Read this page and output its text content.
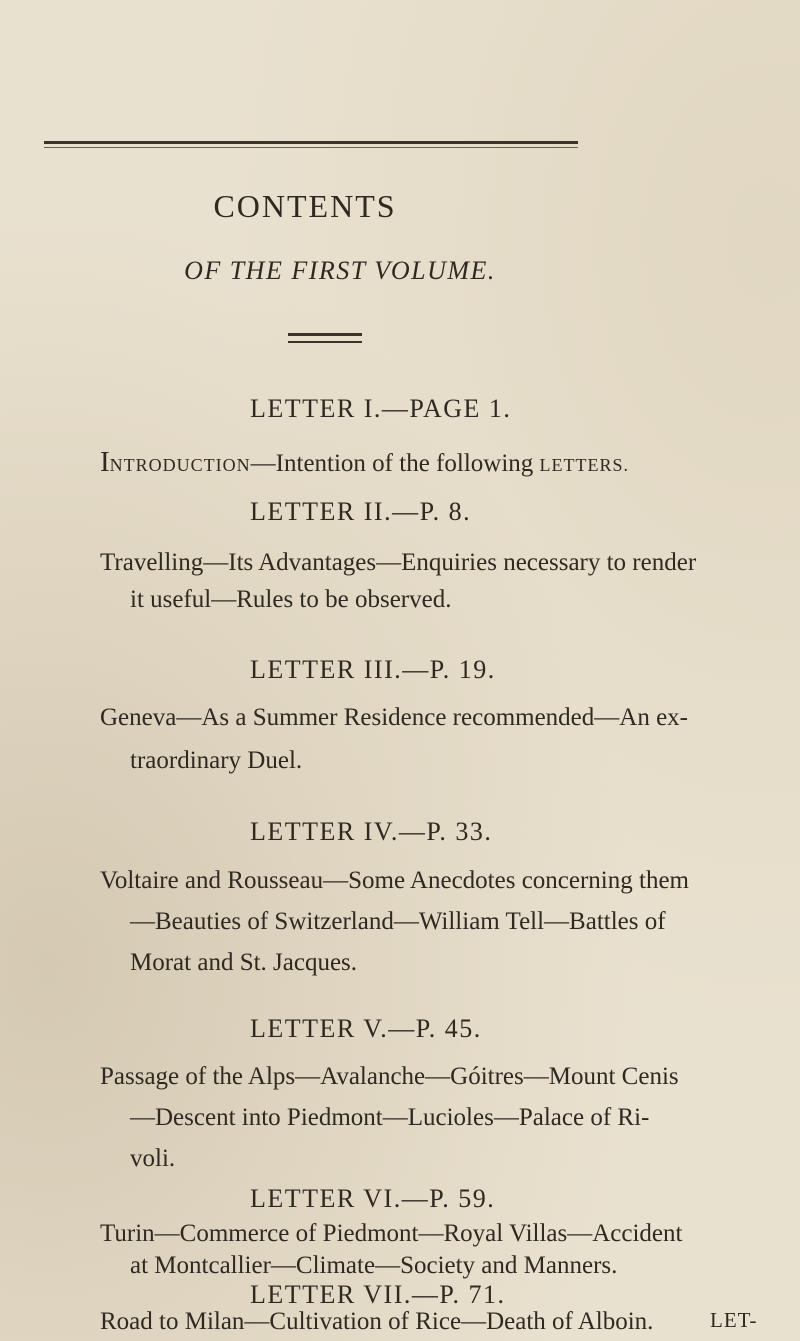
CONTENTS
OF THE FIRST VOLUME.
LETTER I.—PAGE 1.
INTRODUCTION—Intention of the following LETTERS.
LETTER II.—P. 8.
Travelling—Its Advantages—Enquiries necessary to render
it useful—Rules to be observed.
LETTER III.—P. 19.
Geneva—As a Summer Residence recommended—An ex-
traordinary Duel.
LETTER IV.—P. 33.
Voltaire and Rousseau—Some Anecdotes concerning them
—Beauties of Switzerland—William Tell—Battles of
Morat and St. Jacques.
LETTER V.—P. 45.
Passage of the Alps—Avalanche—Góitres—Mount Cenis
—Descent into Piedmont—Lucioles—Palace of Ri-
voli.
LETTER VI.—P. 59.
Turin—Commerce of Piedmont—Royal Villas—Accident
at Montcallier—Climate—Society and Manners.
LETTER VII.—P. 71.
Road to Milan—Cultivation of Rice—Death of Alboin.	LET-
